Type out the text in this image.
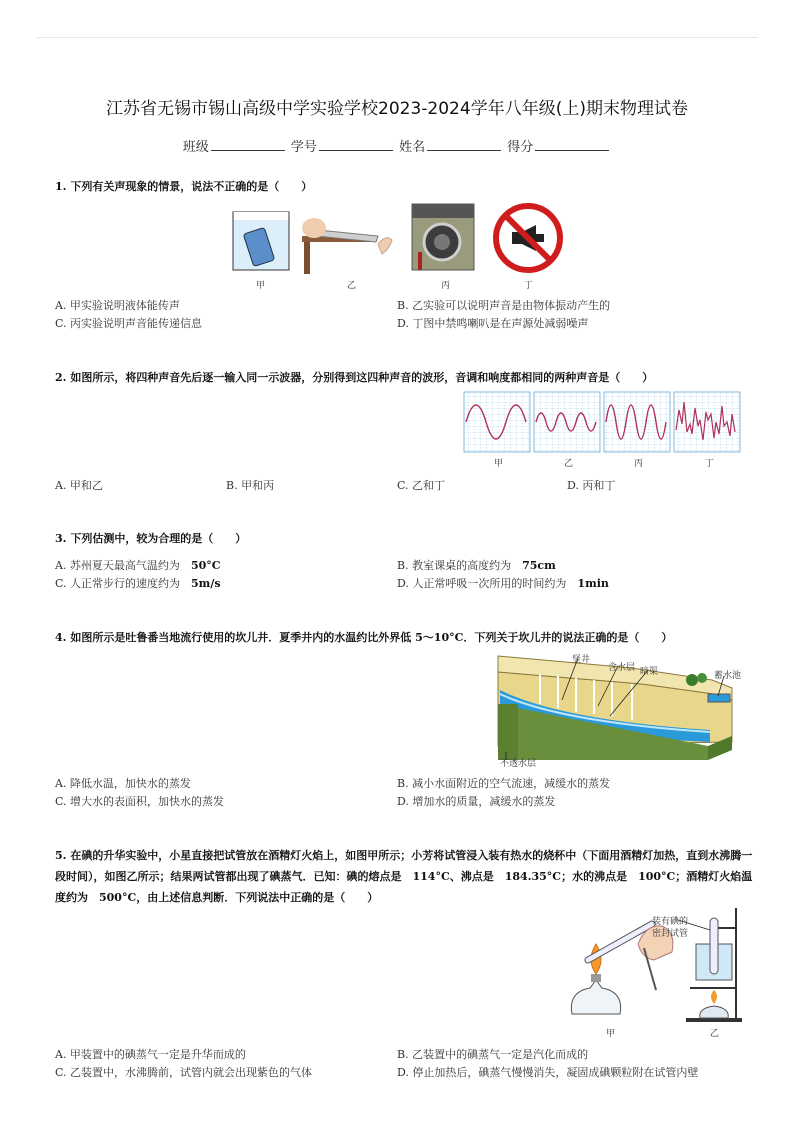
江苏省无锡市锡山高级中学实验学校2023-2024学年八年级(上)期末物理试卷
班级	学号	姓名	得分
1. 下列有关声现象的情景，说法不正确的是（　　）
甲	乙	丙	丁
A. 甲实验说明液体能传声	B. 乙实验可以说明声音是由物体振动产生的
C. 丙实验说明声音能传递信息	D. 丁图中禁鸣喇叭是在声源处减弱噪声
2. 如图所示，将四种声音先后逐一输入同一示波器，分别得到这四种声音的波形，音调和响度都相同的两种声音是（　　）
甲	乙	丙	丁
A. 甲和乙	B. 甲和丙	C. 乙和丁	D. 丙和丁
3. 下列估测中，较为合理的是（　　）
A. 苏州夏天最高气温约为　 50°C	B. 教室课桌的高度约为　 75cm
C. 人正常步行的速度约为　 5m/s	D. 人正常呼吸一次所用的时间约为　 1min
4. 如图所示是吐鲁番当地流行使用的坎儿井．夏季井内的水温约比外界低 5～10°C．下列关于坎儿井的说法正确的是（　　）
竖井
含水层 暗渠	蓄水池
不透水层
A. 降低水温，加快水的蒸发	B. 减小水面附近的空气流速，减缓水的蒸发
C. 增大水的表面积，加快水的蒸发	D. 增加水的质量，减缓水的蒸发
5. 在碘的升华实验中，小星直接把试管放在酒精灯火焰上，如图甲所示；小芳将试管浸入装有热水的烧杯中（下面用酒精灯加热，直到水沸腾一段时间），如图乙所示；结果两试管都出现了碘蒸气．已知：碘的熔点是　114°C、沸点是　184.35°C；水的沸点是　100°C；酒精灯火焰温度约为　500°C，由上述信息判断．下列说法中正确的是（　　）
装有碘的
密封试管
甲	乙
A. 甲装置中的碘蒸气一定是升华而成的	B. 乙装置中的碘蒸气一定是汽化而成的
C. 乙装置中，水沸腾前，试管内就会出现紫色的气体	D. 停止加热后，碘蒸气慢慢消失，凝固成碘颗粒附在试管内壁
